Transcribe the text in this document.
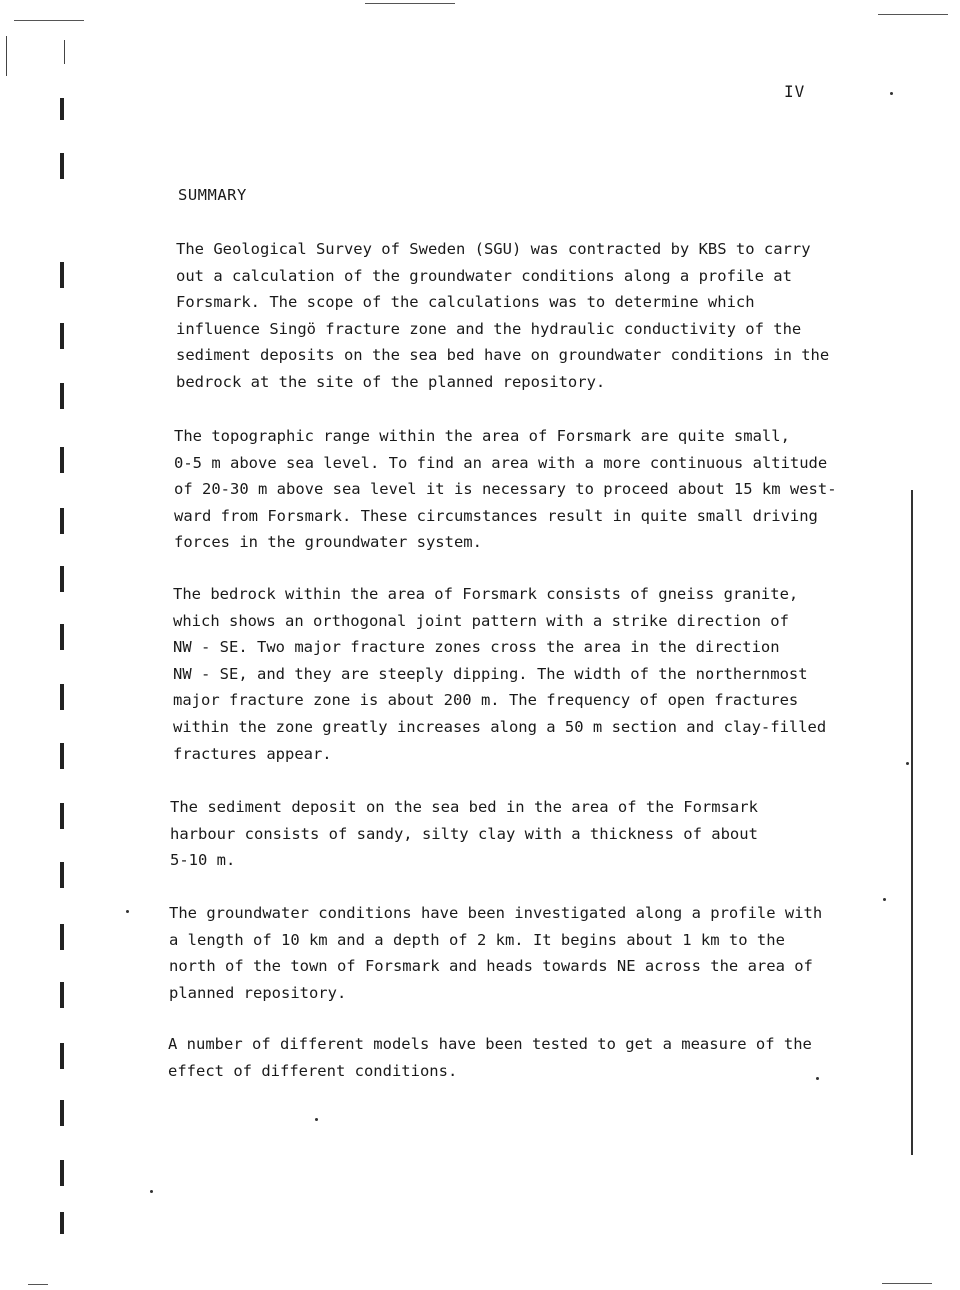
IV
SUMMARY
The Geological Survey of Sweden (SGU) was contracted by KBS to carry
out a calculation of the groundwater conditions along a profile at
Forsmark. The scope of the calculations was to determine which
influence Singö fracture zone and the hydraulic conductivity of the
sediment deposits on the sea bed have on groundwater conditions in the
bedrock at the site of the planned repository.
The topographic range within the area of Forsmark are quite small,
0-5 m above sea level. To find an area with a more continuous altitude
of 20-30 m above sea level it is necessary to proceed about 15 km west-
ward from Forsmark. These circumstances result in quite small driving
forces in the groundwater system.
The bedrock within the area of Forsmark consists of gneiss granite,
which shows an orthogonal joint pattern with a strike direction of
NW - SE. Two major fracture zones cross the area in the direction
NW - SE, and they are steeply dipping. The width of the northernmost
major fracture zone is about 200 m. The frequency of open fractures
within the zone greatly increases along a 50 m section and clay-filled
fractures appear.
The sediment deposit on the sea bed in the area of the Formsark
harbour consists of sandy, silty clay with a thickness of about
5-10 m.
The groundwater conditions have been investigated along a profile with
a length of 10 km and a depth of 2 km. It begins about 1 km to the
north of the town of Forsmark and heads towards NE across the area of
planned repository.
A number of different models have been tested to get a measure of the
effect of different conditions.
